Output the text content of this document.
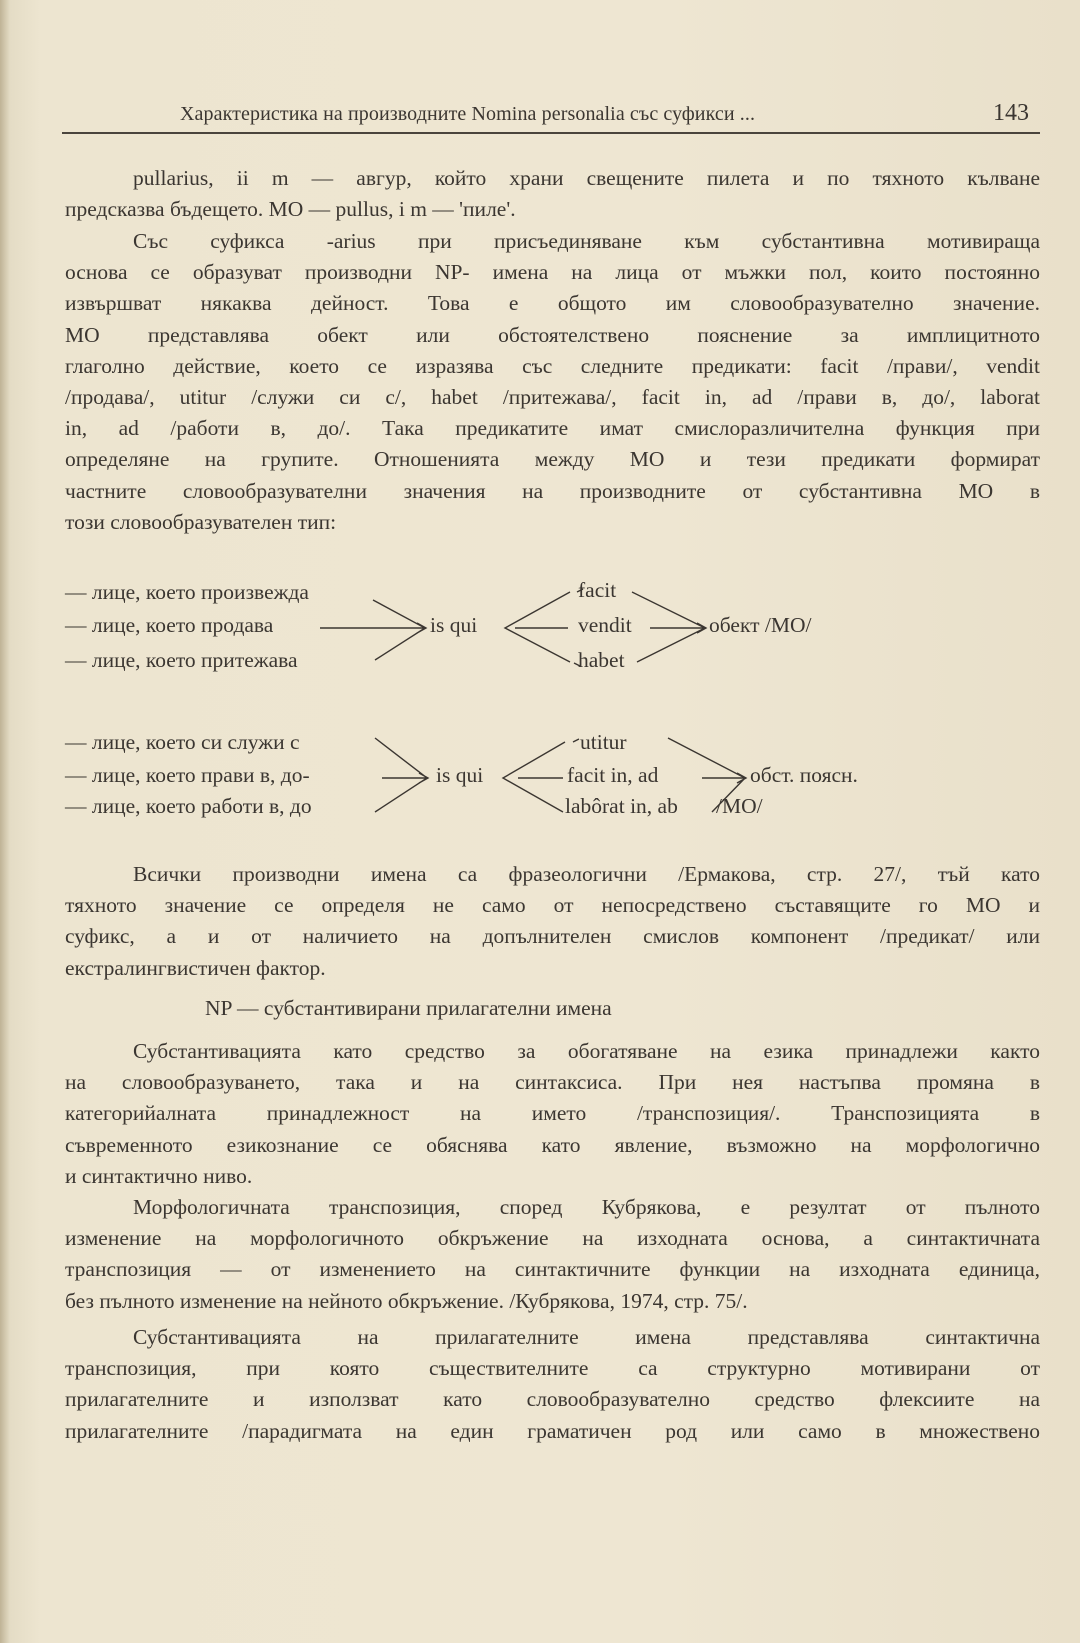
Характеристика на производните Nomina personalia със суфикси ...	143
pullarius, ii m — авгур, който храни свещените пилета и по тяхното кълване
предсказва бъдещето. МО — pullus, i m — 'пиле'.
Със суфикса -arius при присъединяване към субстантивна мотивираща
основа се образуват производни NP- имена на лица от мъжки пол, които постоянно
извършват някаква дейност. Това е общото им словообразувателно значение.
МО представлява обект или обстоятелствено пояснение за имплицитното
глаголно действие, което се изразява със следните предикати: facit /прави/, vendit
/продава/, utitur /служи си с/, habet /притежава/, facit in, ad /прави в, до/, laborat
in, ad /работи в, до/. Така предикатите имат смислоразличителна функция при
определяне на групите. Отношенията между МО и тези предикати формират
частните словообразувателни значения на производните от субстантивна МО в
този словообразувателен тип:
— лице, което произвежда
— лице, което продава
— лице, което притежава
is qui
facit
vendit
habet
обект /МО/
— лице, което си служи с
— лице, което прави в, до-
— лице, което работи в, до
is qui
utitur
facit in, ad
labôrat in, ab
обст. поясн.
/МО/
Всички производни имена са фразеологични /Ермакова, стр. 27/, тъй като
тяхното значение се определя не само от непосредствено съставящите го МО и
суфикс, а и от наличието на допълнителен смислов компонент /предикат/ или
екстралингвистичен фактор.
NP — субстантивирани прилагателни имена
Субстантивацията като средство за обогатяване на езика принадлежи както
на словообразуването, така и на синтаксиса. При нея настъпва промяна в
категорийалната принадлежност на името /транспозиция/. Транспозицията в
съвременното езикознание се обяснява като явление, възможно на морфологично
и синтактично ниво.
Морфологичната транспозиция, според Кубрякова, е резултат от пълното
изменение на морфологичното обкръжение на изходната основа, а синтактичната
транспозиция — от изменението на синтактичните функции на изходната единица,
без пълното изменение на нейното обкръжение. /Кубрякова, 1974, стр. 75/.
Субстантивацията на прилагателните имена представлява синтактична
транспозиция, при която съществителните са структурно мотивирани от
прилагателните и използват като словообразувателно средство флексиите на
прилагателните /парадигмата на един граматичен род или само в множествено
